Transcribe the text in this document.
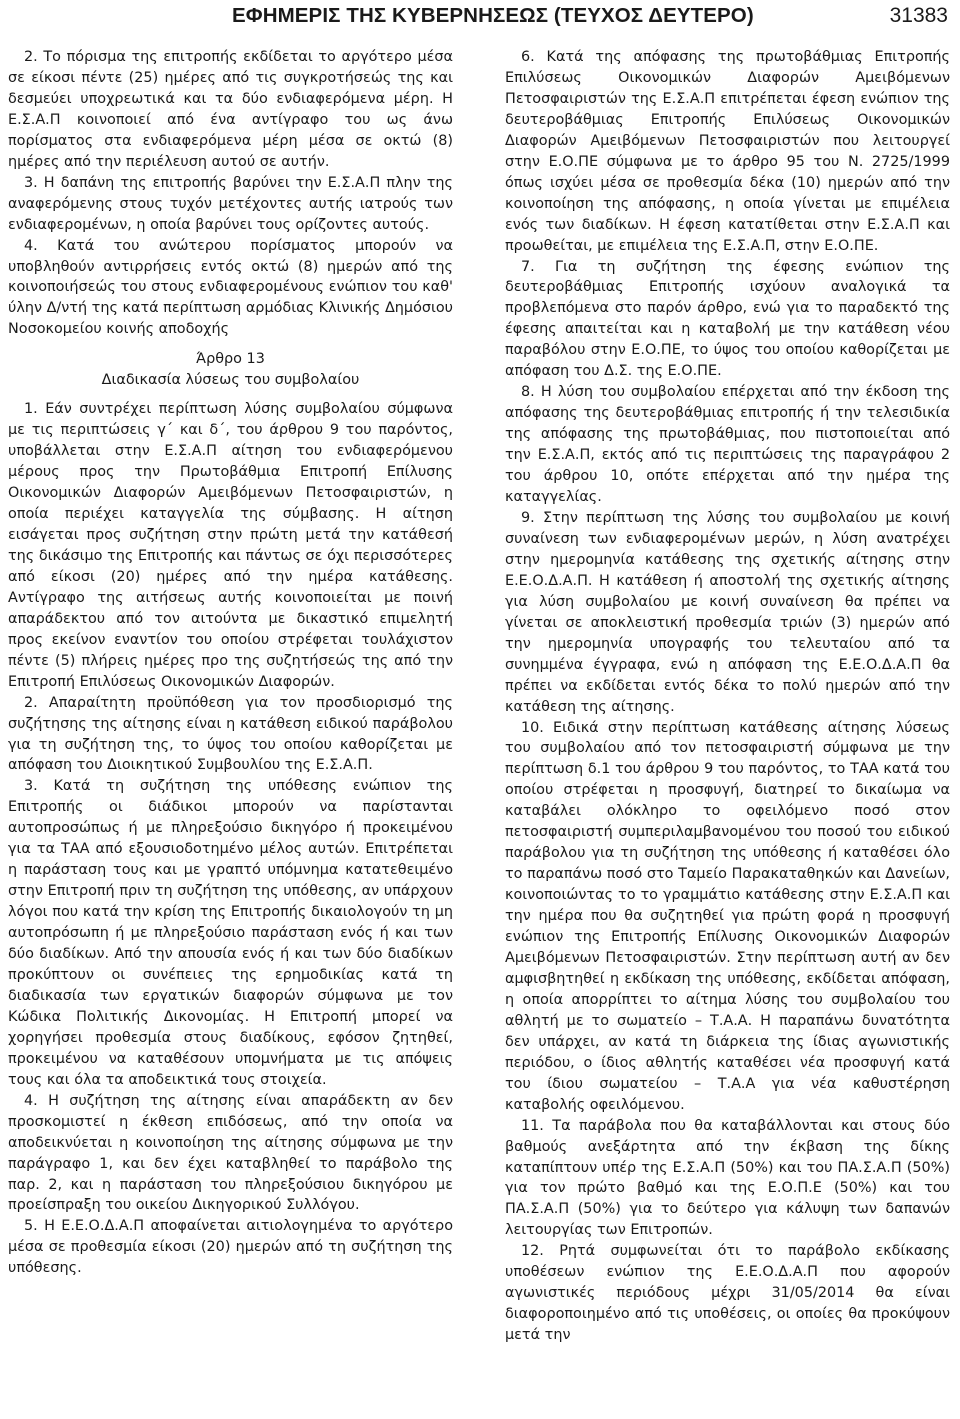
ΕΦΗΜΕΡΙΣ ΤΗΣ ΚΥΒΕΡΝΗΣΕΩΣ (ΤΕΥΧΟΣ ΔΕΥΤΕΡΟ)	31383

2. Το πόρισμα της επιτροπής εκδίδεται το αργότερο μέσα σε είκοσι πέντε (25) ημέρες από τις συγκροτήσεώς της και δεσμεύει υποχρεωτικά και τα δύο ενδιαφερόμενα μέρη. Η Ε.Σ.Α.Π κοινοποιεί από ένα αντίγραφο του ως άνω πορίσματος στα ενδιαφερόμενα μέρη μέσα σε οκτώ (8) ημέρες από την περιέλευση αυτού σε αυτήν.

3. Η δαπάνη της επιτροπής βαρύνει την Ε.Σ.Α.Π πλην της αναφερόμενης στους τυχόν μετέχοντες αυτής ιατρούς των ενδιαφερομένων, η οποία βαρύνει τους ορίζοντες αυτούς.

4. Κατά του ανώτερου πορίσματος μπορούν να υποβληθούν αντιρρήσεις εντός οκτώ (8) ημερών από της κοινοποιήσεώς του στους ενδιαφερομένους ενώπιον του καθ' ύλην Δ/ντή της κατά περίπτωση αρμόδιας Κλινικής Δημόσιου Νοσοκομείου κοινής αποδοχής

Άρθρο 13

Διαδικασία λύσεως του συμβολαίου

1. Εάν συντρέχει περίπτωση λύσης συμβολαίου σύμφωνα με τις περιπτώσεις γ΄ και δ΄, του άρθρου 9 του παρόντος, υποβάλλεται στην Ε.Σ.Α.Π αίτηση του ενδιαφερόμενου μέρους προς την Πρωτοβάθμια Επιτροπή Επίλυσης Οικονομικών Διαφορών Αμειβόμενων Πετοσφαιριστών, η οποία περιέχει καταγγελία της σύμβασης. Η αίτηση εισάγεται προς συζήτηση στην πρώτη μετά την κατάθεσή της δικάσιμο της Επιτροπής και πάντως σε όχι περισσότερες από είκοσι (20) ημέρες από την ημέρα κατάθεσης. Αντίγραφο της αιτήσεως αυτής κοινοποιείται με ποινή απαράδεκτου από τον αιτούντα με δικαστικό επιμελητή προς εκείνον εναντίον του οποίου στρέφεται τουλάχιστον πέντε (5) πλήρεις ημέρες προ της συζητήσεώς της από την Επιτροπή Επιλύσεως Οικονομικών Διαφορών.

2. Απαραίτητη προϋπόθεση για τον προσδιορισμό της συζήτησης της αίτησης είναι η κατάθεση ειδικού παράβολου για τη συζήτηση της, το ύψος του οποίου καθορίζεται με απόφαση του Διοικητικού Συμβουλίου της Ε.Σ.Α.Π.

3. Κατά τη συζήτηση της υπόθεσης ενώπιον της Επιτροπής οι διάδικοι μπορούν να παρίστανται αυτοπροσώπως ή με πληρεξούσιο δικηγόρο ή προκειμένου για τα ΤΑΑ από εξουσιοδοτημένο μέλος αυτών. Επιτρέπεται η παράσταση τους και με γραπτό υπόμνημα κατατεθειμένο στην Επιτροπή πριν τη συζήτηση της υπόθεσης, αν υπάρχουν λόγοι που κατά την κρίση της Επιτροπής δικαιολογούν τη μη αυτοπρόσωπη ή με πληρεξούσιο παράσταση ενός ή και των δύο διαδίκων. Από την απουσία ενός ή και των δύο διαδίκων προκύπτουν οι συνέπειες της ερημοδικίας κατά τη διαδικασία των εργατικών διαφορών σύμφωνα με τον Κώδικα Πολιτικής Δικονομίας. Η Επιτροπή μπορεί να χορηγήσει προθεσμία στους διαδίκους, εφόσον ζητηθεί, προκειμένου να καταθέσουν υπομνήματα με τις απόψεις τους και όλα τα αποδεικτικά τους στοιχεία.

4. Η συζήτηση της αίτησης είναι απαράδεκτη αν δεν προσκομιστεί η έκθεση επιδόσεως, από την οποία να αποδεικνύεται η κοινοποίηση της αίτησης σύμφωνα με την παράγραφο 1, και δεν έχει καταβληθεί το παράβολο της παρ. 2, και η παράσταση του πληρεξούσιου δικηγόρου με προείσπραξη του οικείου Δικηγορικού Συλλόγου.

5. Η Ε.Ε.Ο.Δ.Α.Π αποφαίνεται αιτιολογημένα το αργότερο μέσα σε προθεσμία είκοσι (20) ημερών από τη συζήτηση της υπόθεσης.

6. Κατά της απόφασης της πρωτοβάθμιας Επιτροπής Επιλύσεως Οικονομικών Διαφορών Αμειβόμενων Πετοσφαιριστών της Ε.Σ.Α.Π επιτρέπεται έφεση ενώπιον της δευτεροβάθμιας Επιτροπής Επιλύσεως Οικονομικών Διαφορών Αμειβόμενων Πετοσφαιριστών που λειτουργεί στην Ε.Ο.ΠΕ σύμφωνα με το άρθρο 95 του Ν. 2725/1999 όπως ισχύει μέσα σε προθεσμία δέκα (10) ημερών από την κοινοποίηση της απόφασης, η οποία γίνεται με επιμέλεια ενός των διαδίκων. Η έφεση κατατίθεται στην Ε.Σ.Α.Π και προωθείται, με επιμέλεια της Ε.Σ.Α.Π, στην Ε.Ο.ΠΕ.

7. Για τη συζήτηση της έφεσης ενώπιον της δευτεροβάθμιας Επιτροπής ισχύουν αναλογικά τα προβλεπόμενα στο παρόν άρθρο, ενώ για το παραδεκτό της έφεσης απαιτείται και η καταβολή με την κατάθεση νέου παραβόλου στην Ε.Ο.ΠΕ, το ύψος του οποίου καθορίζεται με απόφαση του Δ.Σ. της Ε.Ο.ΠΕ.

8. Η λύση του συμβολαίου επέρχεται από την έκδοση της απόφασης της δευτεροβάθμιας επιτροπής ή την τελεσιδικία της απόφασης της πρωτοβάθμιας, που πιστοποιείται από την Ε.Σ.Α.Π, εκτός από τις περιπτώσεις της παραγράφου 2 του άρθρου 10, οπότε επέρχεται από την ημέρα της καταγγελίας.

9. Στην περίπτωση της λύσης του συμβολαίου με κοινή συναίνεση των ενδιαφερομένων μερών, η λύση ανατρέχει στην ημερομηνία κατάθεσης της σχετικής αίτησης στην Ε.Ε.Ο.Δ.Α.Π. Η κατάθεση ή αποστολή της σχετικής αίτησης για λύση συμβολαίου με κοινή συναίνεση θα πρέπει να γίνεται σε αποκλειστική προθεσμία τριών (3) ημερών από την ημερομηνία υπογραφής του τελευταίου από τα συνημμένα έγγραφα, ενώ η απόφαση της Ε.Ε.Ο.Δ.Α.Π θα πρέπει να εκδίδεται εντός δέκα το πολύ ημερών από την κατάθεση της αίτησης.

10. Ειδικά στην περίπτωση κατάθεσης αίτησης λύσεως του συμβολαίου από τον πετοσφαιριστή σύμφωνα με την περίπτωση δ.1 του άρθρου 9 του παρόντος, το ΤΑΑ κατά του οποίου στρέφεται η προσφυγή, διατηρεί το δικαίωμα να καταβάλει ολόκληρο το οφειλόμενο ποσό στον πετοσφαιριστή συμπεριλαμβανομένου του ποσού του ειδικού παράβολου για τη συζήτηση της υπόθεσης ή καταθέσει όλο το παραπάνω ποσό στο Ταμείο Παρακαταθηκών και Δανείων, κοινοποιώντας το το γραμμάτιο κατάθεσης στην Ε.Σ.Α.Π και την ημέρα που θα συζητηθεί για πρώτη φορά η προσφυγή ενώπιον της Επιτροπής Επίλυσης Οικονομικών Διαφορών Αμειβόμενων Πετοσφαιριστών. Στην περίπτωση αυτή αν δεν αμφισβητηθεί η εκδίκαση της υπόθεσης, εκδίδεται απόφαση, η οποία απορρίπτει το αίτημα λύσης του συμβολαίου του αθλητή με το σωματείο – Τ.Α.Α. Η παραπάνω δυνατότητα δεν υπάρχει, αν κατά τη διάρκεια της ίδιας αγωνιστικής περιόδου, ο ίδιος αθλητής καταθέσει νέα προσφυγή κατά του ίδιου σωματείου – Τ.Α.Α για νέα καθυστέρηση καταβολής οφειλόμενου.

11. Τα παράβολα που θα καταβάλλονται και στους δύο βαθμούς ανεξάρτητα από την έκβαση της δίκης καταπίπτουν υπέρ της Ε.Σ.Α.Π (50%) και του ΠΑ.Σ.Α.Π (50%) για τον πρώτο βαθμό και της Ε.Ο.Π.Ε (50%) και του ΠΑ.Σ.Α.Π (50%) για το δεύτερο για κάλυψη των δαπανών λειτουργίας των Επιτροπών.

12. Ρητά συμφωνείται ότι το παράβολο εκδίκασης υποθέσεων ενώπιον της Ε.Ε.Ο.Δ.Α.Π που αφορούν αγωνιστικές περιόδους μέχρι 31/05/2014 θα είναι διαφοροποιημένο από τις υποθέσεις, οι οποίες θα προκύψουν μετά την
